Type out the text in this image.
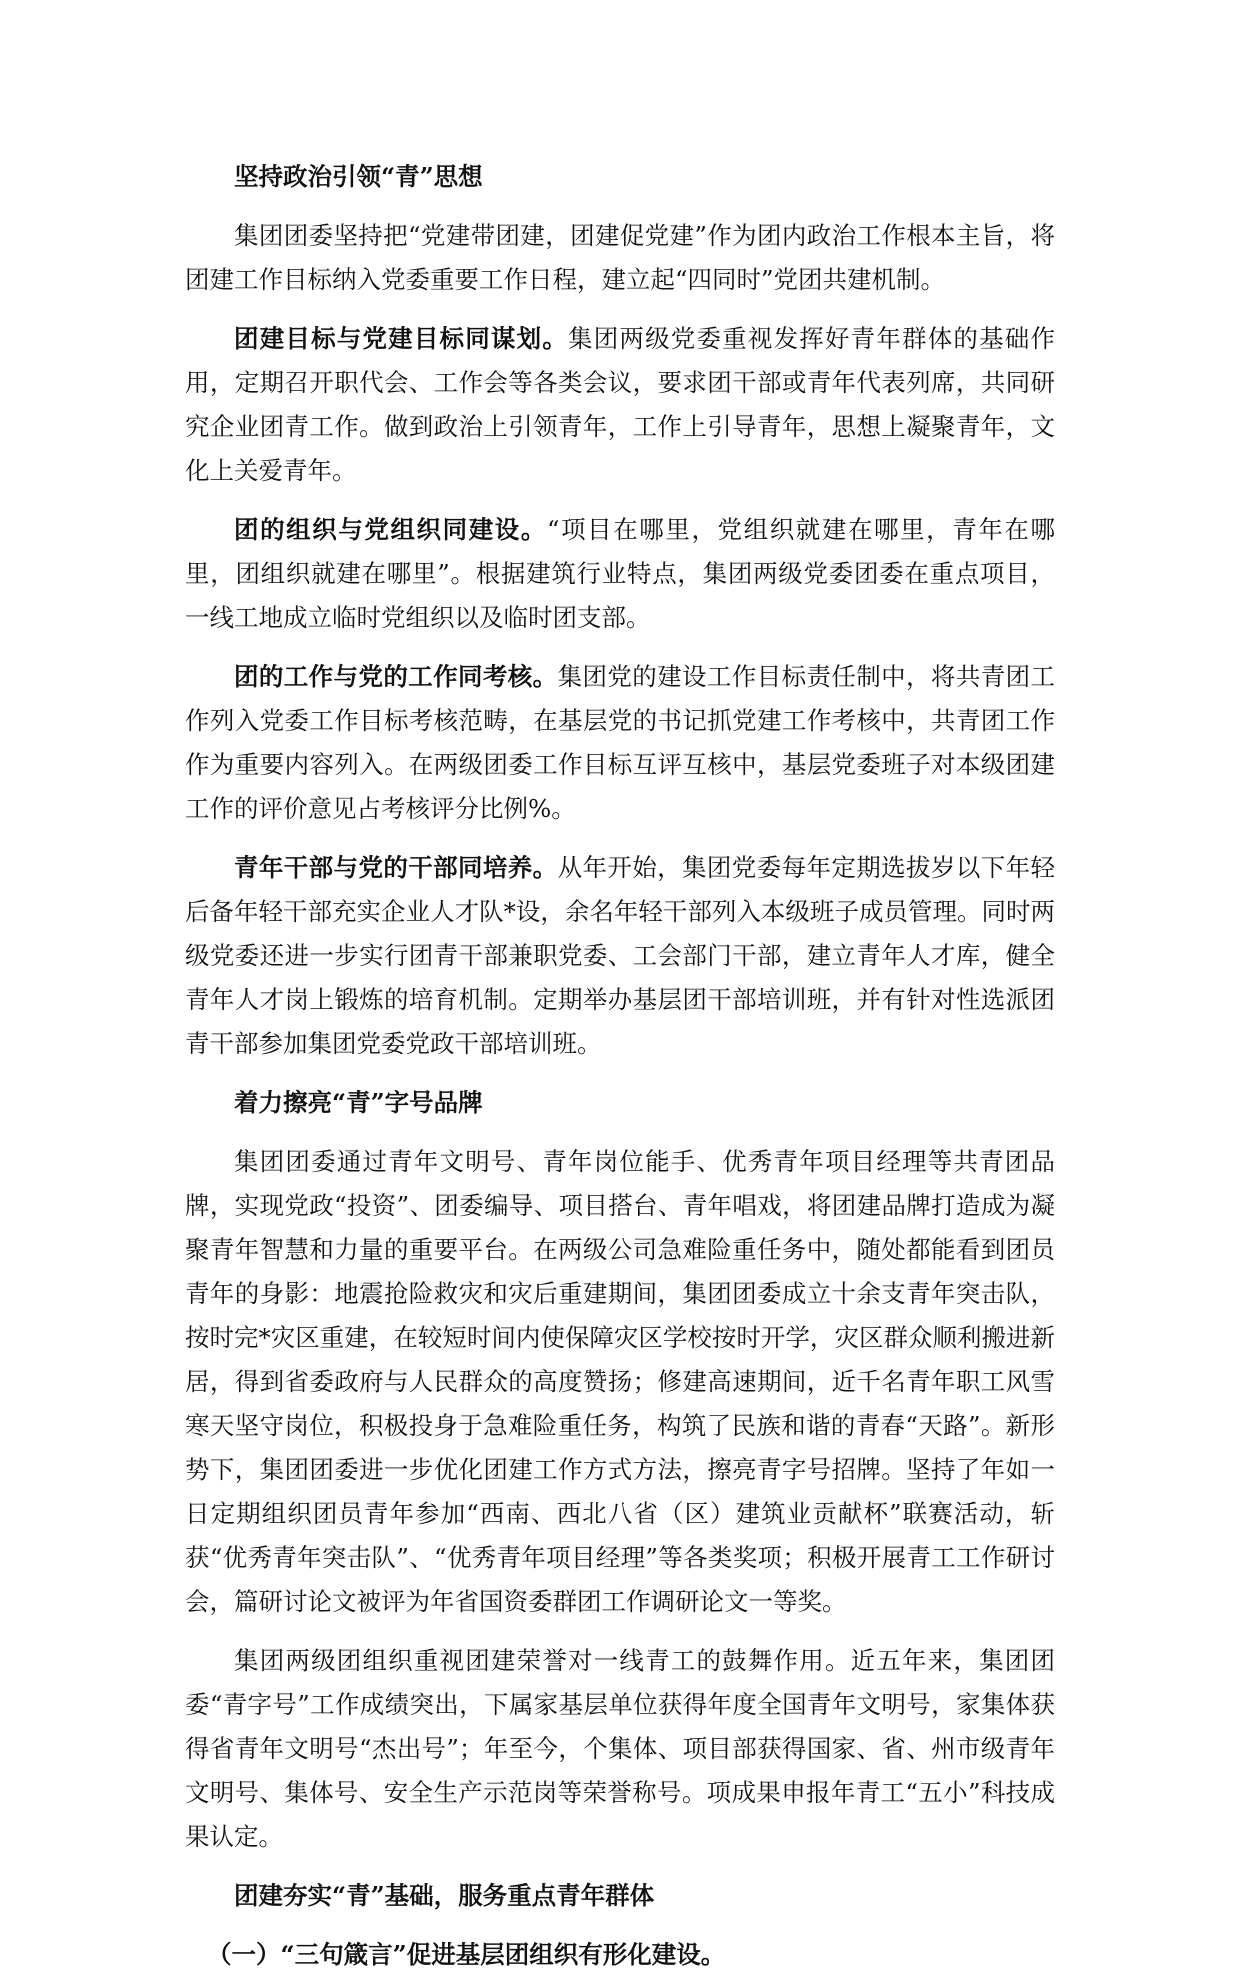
坚持政治引领“青”思想

集团团委坚持把“党建带团建，团建促党建”作为团内政治工作根本主旨，将团建工作目标纳入党委重要工作日程，建立起“四同时”党团共建机制。

团建目标与党建目标同谋划。集团两级党委重视发挥好青年群体的基础作用，定期召开职代会、工作会等各类会议，要求团干部或青年代表列席，共同研究企业团青工作。做到政治上引领青年，工作上引导青年，思想上凝聚青年，文化上关爱青年。

团的组织与党组织同建设。“项目在哪里，党组织就建在哪里，青年在哪里，团组织就建在哪里”。根据建筑行业特点，集团两级党委团委在重点项目，一线工地成立临时党组织以及临时团支部。

团的工作与党的工作同考核。集团党的建设工作目标责任制中，将共青团工作列入党委工作目标考核范畴，在基层党的书记抓党建工作考核中，共青团工作作为重要内容列入。在两级团委工作目标互评互核中，基层党委班子对本级团建工作的评价意见占考核评分比例%。

青年干部与党的干部同培养。从年开始，集团党委每年定期选拔岁以下年轻后备年轻干部充实企业人才队*设，余名年轻干部列入本级班子成员管理。同时两级党委还进一步实行团青干部兼职党委、工会部门干部，建立青年人才库，健全青年人才岗上锻炼的培育机制。定期举办基层团干部培训班，并有针对性选派团青干部参加集团党委党政干部培训班。

着力擦亮“青”字号品牌

集团团委通过青年文明号、青年岗位能手、优秀青年项目经理等共青团品牌，实现党政“投资”、团委编导、项目搭台、青年唱戏，将团建品牌打造成为凝聚青年智慧和力量的重要平台。在两级公司急难险重任务中，随处都能看到团员青年的身影：地震抢险救灾和灾后重建期间，集团团委成立十余支青年突击队，按时完*灾区重建，在较短时间内使保障灾区学校按时开学，灾区群众顺利搬进新居，得到省委政府与人民群众的高度赞扬；修建高速期间，近千名青年职工风雪寒天坚守岗位，积极投身于急难险重任务，构筑了民族和谐的青春“天路”。新形势下，集团团委进一步优化团建工作方式方法，擦亮青字号招牌。坚持了年如一日定期组织团员青年参加“西南、西北八省（区）建筑业贡献杯”联赛活动，斩获“优秀青年突击队”、“优秀青年项目经理”等各类奖项；积极开展青工工作研讨会，篇研讨论文被评为年省国资委群团工作调研论文一等奖。

集团两级团组织重视团建荣誉对一线青工的鼓舞作用。近五年来，集团团委“青字号”工作成绩突出，下属家基层单位获得年度全国青年文明号，家集体获得省青年文明号“杰出号”；年至今，个集体、项目部获得国家、省、州市级青年文明号、集体号、安全生产示范岗等荣誉称号。项成果申报年青工“五小”科技成果认定。

团建夯实“青”基础，服务重点青年群体
（一）“三句箴言”促进基层团组织有形化建设。
